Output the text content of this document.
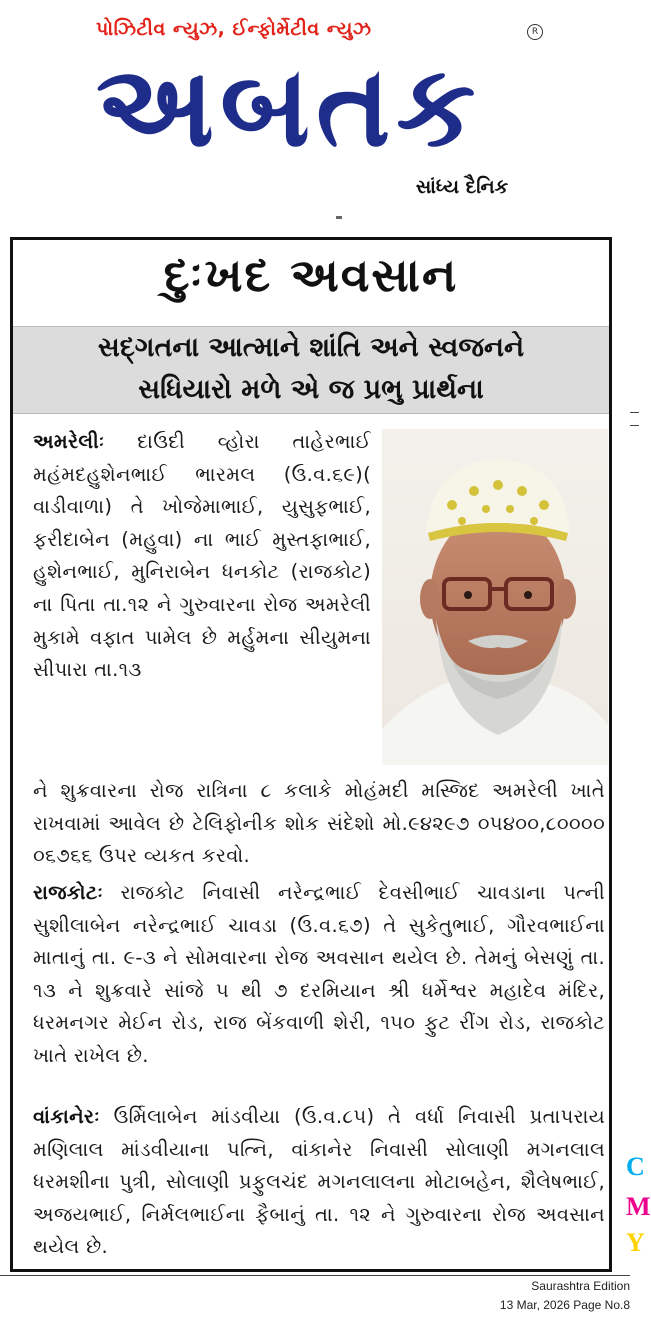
પોઝિટીવ ન્યુઝ, ઈન્ફોર્મેટીવ ન્યુઝ	R
અબતક
સાંધ્ય દૈનિક
દુઃખદ અવસાન
સદ્ગતના આત્માને શાંતિ અને સ્વજનને
સધિયારો મળે એ જ પ્રભુ પ્રાર્થના

અમરેલીઃ દાઉદી વ્હોરા તાહેરભાઈ મહંમદહુશેનભાઈ ભારમલ (ઉ.વ.૬૯)( વાડીવાળા) તે ખોજેમાભાઈ, યુસુફભાઈ, ફરીદાબેન (મહુવા) ના ભાઈ મુસ્તફાભાઈ, હુશેનભાઈ, મુનિરાબેન ધનકોટ (રાજકોટ) ના પિતા તા.૧૨ ને ગુરુવારના રોજ અમરેલી મુકામે વફાત પામેલ છે મર્હુમના સીયુમના સીપારા તા.૧૩

ને શુક્રવારના રોજ રાત્રિના ૮ કલાકે મોહંમદી મસ્જિદ અમરેલી ખાતે રાખવામાં આવેલ છે ટેલિફોનીક શોક સંદેશો મો.૯૪૨૯૭ ૦૫૪૦૦,૮૦૦૦૦ ૦૬૭૬૬ ઉપર વ્યકત કરવો.

રાજકોટઃ રાજકોટ નિવાસી નરેન્દ્રભાઈ દેવસીભાઈ ચાવડાના પત્ની સુશીલાબેન નરેન્દ્રભાઈ ચાવડા (ઉ.વ.૬૭) તે સુકેતુભાઈ, ગૌરવભાઈના માતાનું તા. ૯-૩ ને સોમવારના રોજ અવસાન થયેલ છે. તેમનું બેસણું તા. ૧૩ ને શુક્રવારે સાંજે ૫ થી ૭ દરમિયાન શ્રી ધર્મેશ્વર મહાદેવ મંદિર, ધરમનગર મેઈન રોડ, રાજ બેંકવાળી શેરી, ૧૫૦ ફુટ રીંગ રોડ, રાજકોટ ખાતે રાખેલ છે.

વાંકાનેરઃ ઉર્મિલાબેન માંડવીયા (ઉ.વ.૮૫) તે વર્ધા નિવાસી પ્રતાપરાય મણિલાલ માંડવીયાના પત્નિ, વાંકાનેર નિવાસી સોલાણી મગનલાલ ધરમશીના પુત્રી, સોલાણી પ્રફુલચંદ મગનલાલના મોટાબહેન, શૈલેષભાઈ, અજયભાઈ, નિર્મલભાઈના ફૈબાનું તા. ૧૨ ને ગુરુવારના રોજ અવસાન થયેલ છે.

C
M
Y
Saurashtra Edition
13 Mar, 2026 Page No.8
